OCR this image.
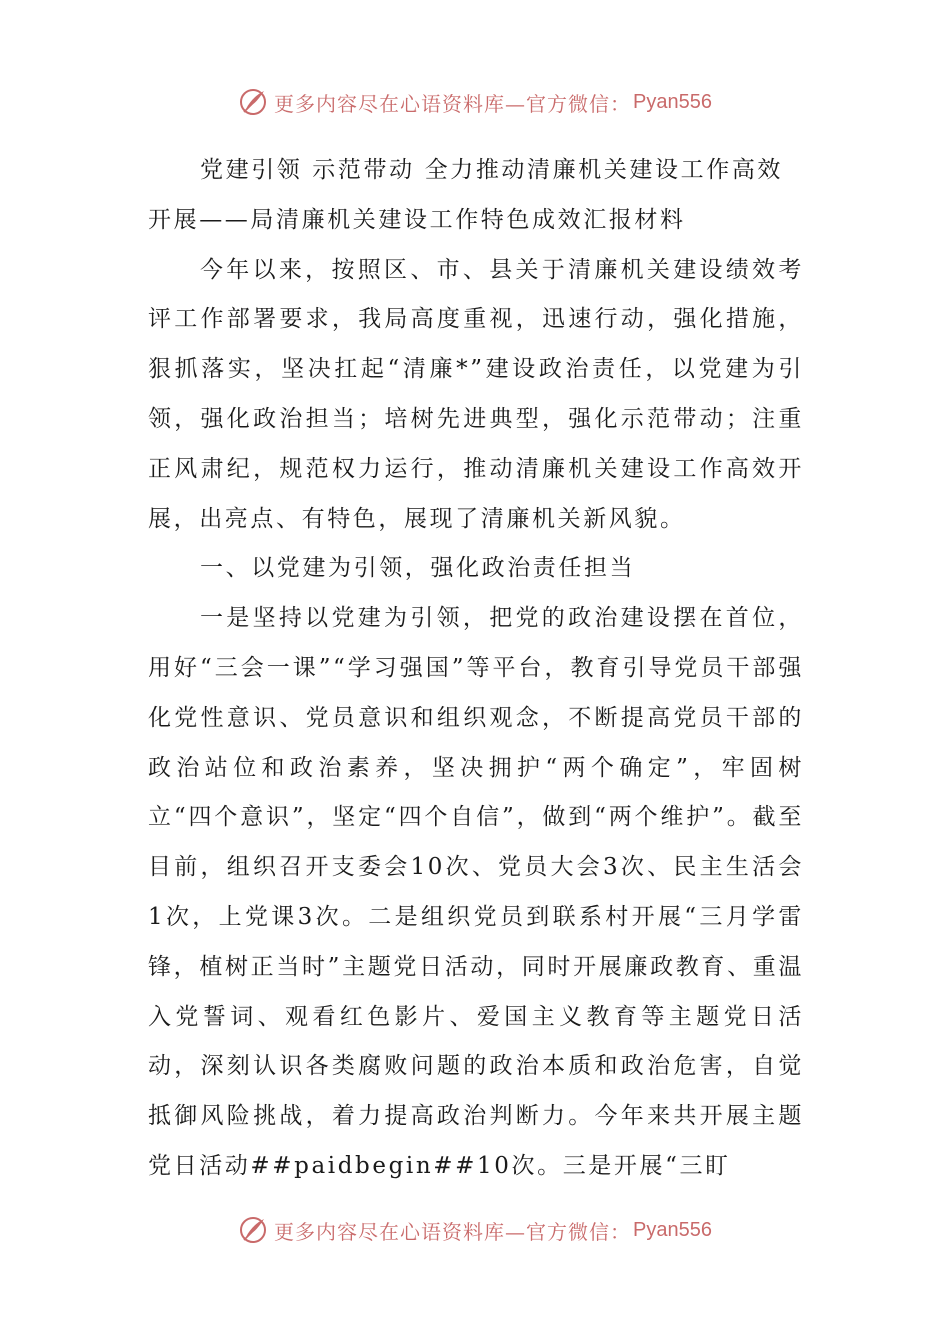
更多内容尽在心语资料库—官方微信： Pyan556

党建引领 示范带动 全力推动清廉机关建设工作高效开展——局清廉机关建设工作特色成效汇报材料

今年以来，按照区、市、县关于清廉机关建设绩效考评工作部署要求，我局高度重视，迅速行动，强化措施，狠抓落实，坚决扛起“清廉*”建设政治责任，以党建为引领，强化政治担当；培树先进典型，强化示范带动；注重正风肃纪，规范权力运行，推动清廉机关建设工作高效开展，出亮点、有特色，展现了清廉机关新风貌。

一、以党建为引领，强化政治责任担当

一是坚持以党建为引领，把党的政治建设摆在首位，用好“三会一课”“学习强国”等平台，教育引导党员干部强化党性意识、党员意识和组织观念，不断提高党员干部的政治站位和政治素养，坚决拥护“两个确定”，牢固树立“四个意识”，坚定“四个自信”，做到“两个维护”。截至目前，组织召开支委会10次、党员大会3次、民主生活会1次，上党课3次。二是组织党员到联系村开展“三月学雷锋，植树正当时”主题党日活动，同时开展廉政教育、重温入党誓词、观看红色影片、爱国主义教育等主题党日活动，深刻认识各类腐败问题的政治本质和政治危害，自觉抵御风险挑战，着力提高政治判断力。今年来共开展主题党日活动##paidbegin##10次。三是开展“三盯

更多内容尽在心语资料库—官方微信： Pyan556
